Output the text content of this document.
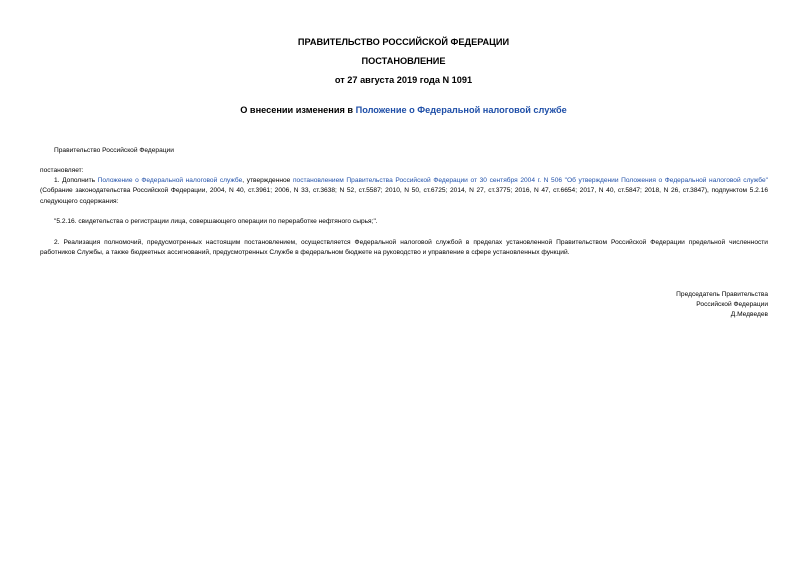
ПРАВИТЕЛЬСТВО РОССИЙСКОЙ ФЕДЕРАЦИИ
ПОСТАНОВЛЕНИЕ
от 27 августа 2019 года N 1091
О внесении изменения в Положение о Федеральной налоговой службе
Правительство Российской Федерации
постановляет:
1. Дополнить Положение о Федеральной налоговой службе, утвержденное постановлением Правительства Российской Федерации от 30 сентября 2004 г. N 506 "Об утверждении Положения о Федеральной налоговой службе" (Собрание законодательства Российской Федерации, 2004, N 40, ст.3961; 2006, N 33, ст.3638; N 52, ст.5587; 2010, N 50, ст.6725; 2014, N 27, ст.3775; 2016, N 47, ст.6654; 2017, N 40, ст.5847; 2018, N 26, ст.3847), подпунктом 5.2.16 следующего содержания:
"5.2.16. свидетельства о регистрации лица, совершающего операции по переработке нефтяного сырья;".
2. Реализация полномочий, предусмотренных настоящим постановлением, осуществляется Федеральной налоговой службой в пределах установленной Правительством Российской Федерации предельной численности работников Службы, а также бюджетных ассигнований, предусмотренных Службе в федеральном бюджете на руководство и управление в сфере установленных функций.
Председатель Правительства
Российской Федерации
Д.Медведев
